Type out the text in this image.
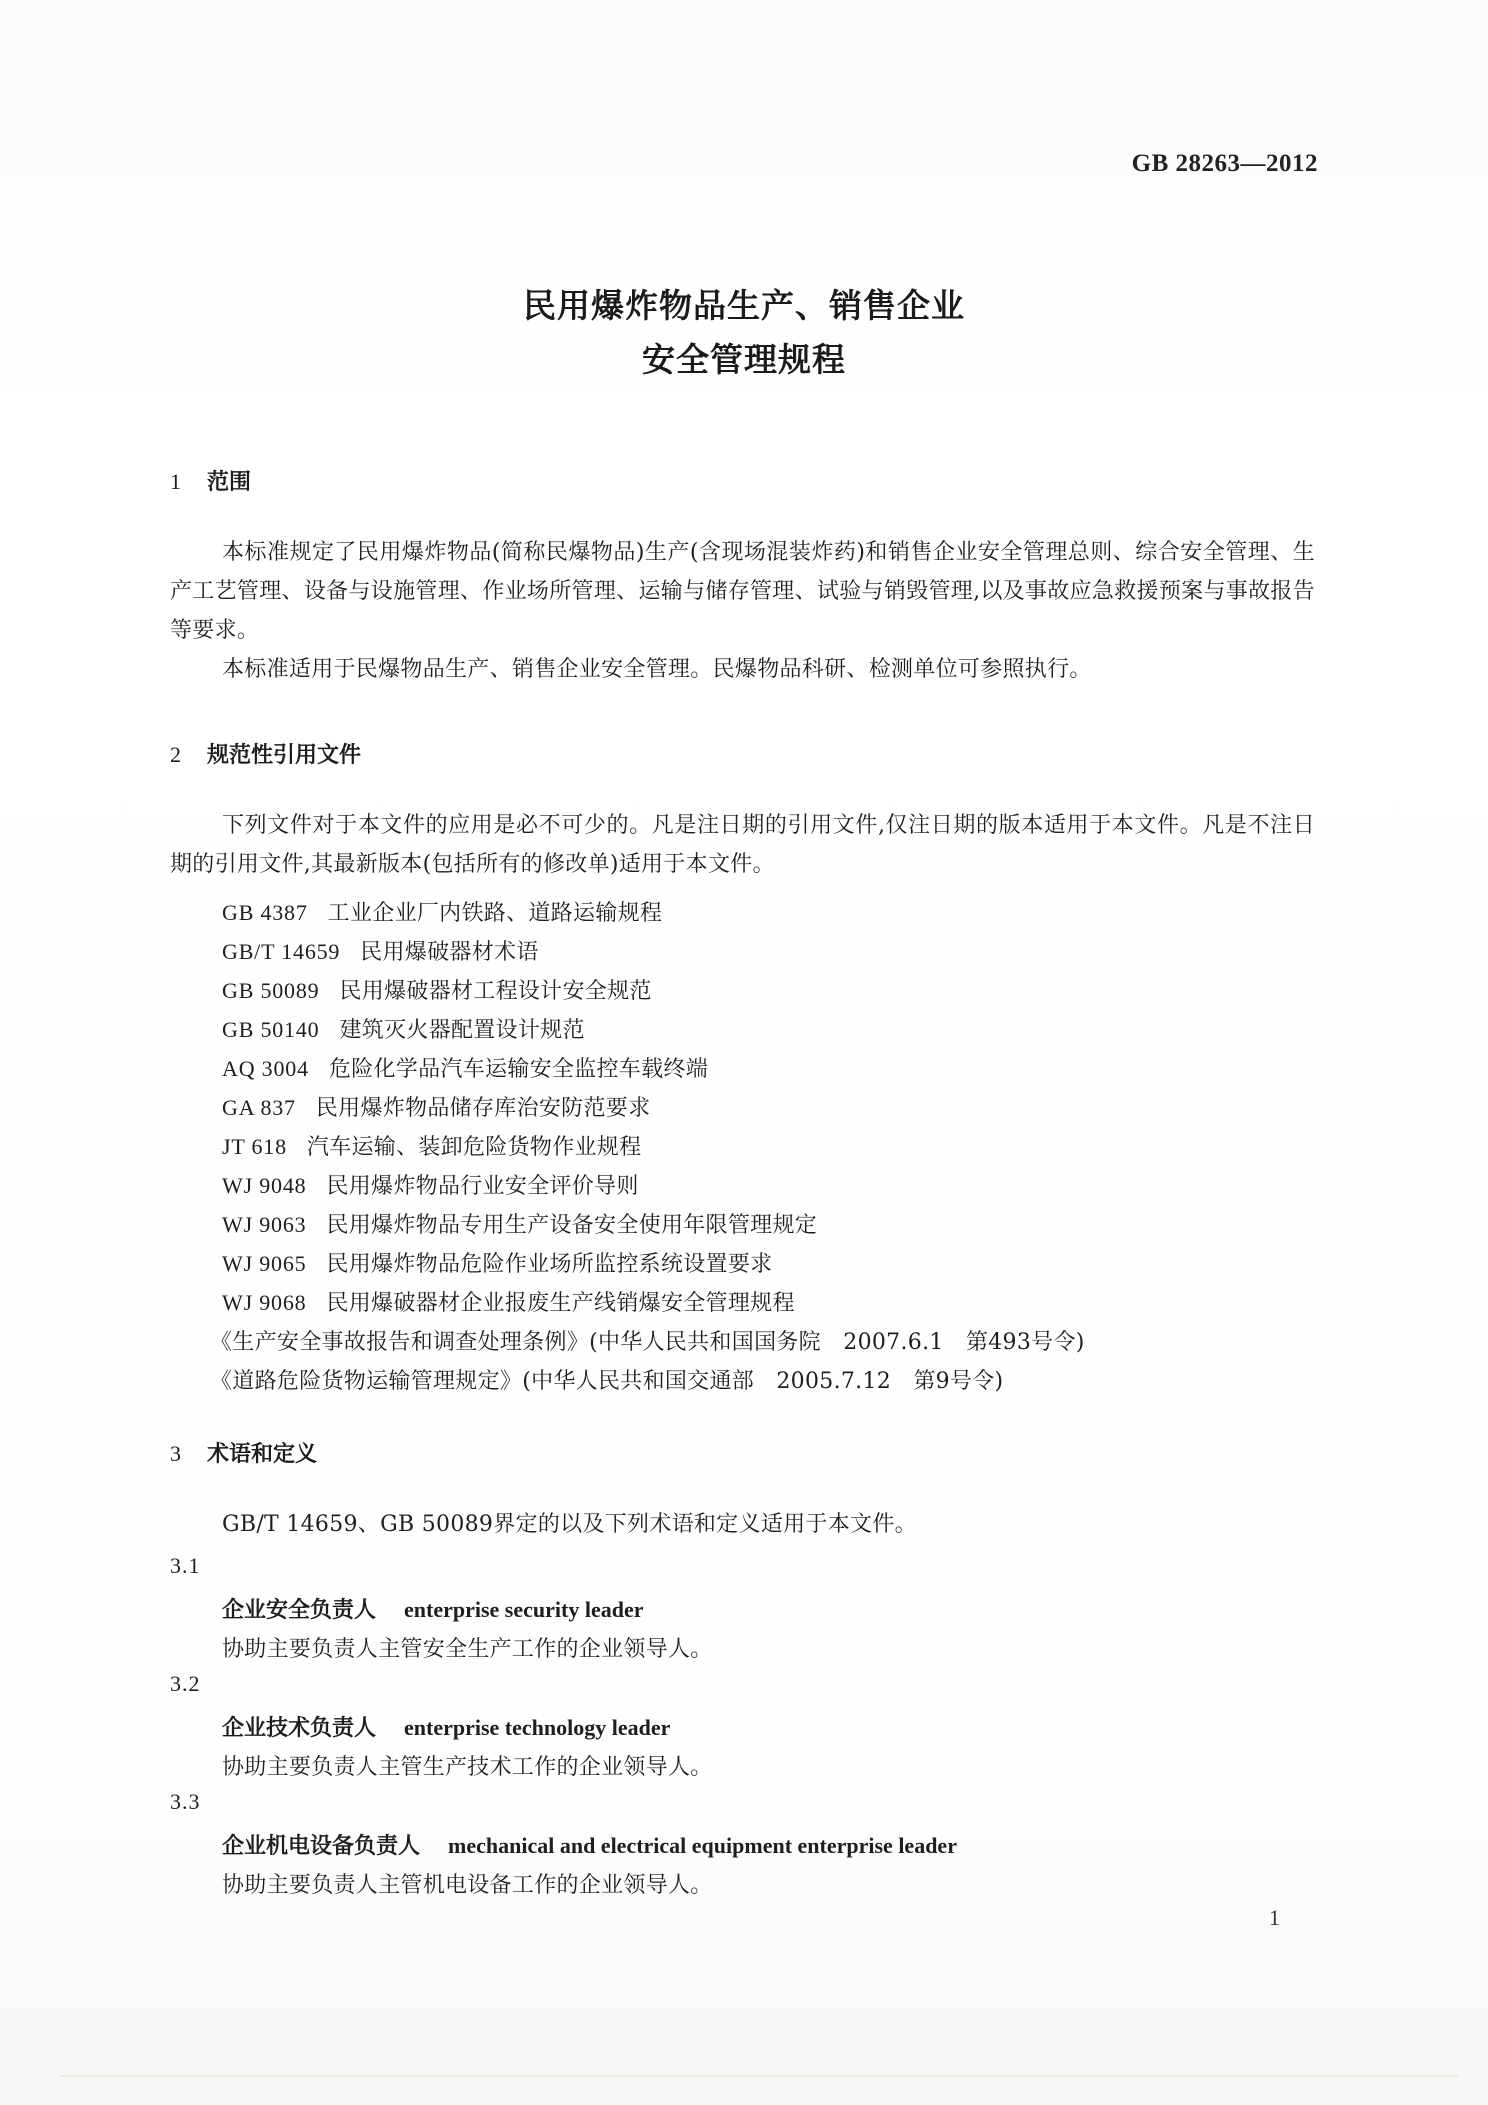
GB 28263—2012
民用爆炸物品生产、销售企业
安全管理规程
1 范围
本标准规定了民用爆炸物品(简称民爆物品)生产(含现场混装炸药)和销售企业安全管理总则、综合安全管理、生产工艺管理、设备与设施管理、作业场所管理、运输与储存管理、试验与销毁管理,以及事故应急救援预案与事故报告等要求。
本标准适用于民爆物品生产、销售企业安全管理。民爆物品科研、检测单位可参照执行。
2 规范性引用文件
下列文件对于本文件的应用是必不可少的。凡是注日期的引用文件,仅注日期的版本适用于本文件。凡是不注日期的引用文件,其最新版本(包括所有的修改单)适用于本文件。
GB 4387 工业企业厂内铁路、道路运输规程
GB/T 14659 民用爆破器材术语
GB 50089 民用爆破器材工程设计安全规范
GB 50140 建筑灭火器配置设计规范
AQ 3004 危险化学品汽车运输安全监控车载终端
GA 837 民用爆炸物品储存库治安防范要求
JT 618 汽车运输、装卸危险货物作业规程
WJ 9048 民用爆炸物品行业安全评价导则
WJ 9063 民用爆炸物品专用生产设备安全使用年限管理规定
WJ 9065 民用爆炸物品危险作业场所监控系统设置要求
WJ 9068 民用爆破器材企业报废生产线销爆安全管理规程
《生产安全事故报告和调查处理条例》(中华人民共和国国务院　2007.6.1　第493号令)
《道路危险货物运输管理规定》(中华人民共和国交通部　2005.7.12　第9号令)
3 术语和定义
GB/T 14659、GB 50089界定的以及下列术语和定义适用于本文件。
3.1
企业安全负责人 enterprise security leader
协助主要负责人主管安全生产工作的企业领导人。
3.2
企业技术负责人 enterprise technology leader
协助主要负责人主管生产技术工作的企业领导人。
3.3
企业机电设备负责人 mechanical and electrical equipment enterprise leader
协助主要负责人主管机电设备工作的企业领导人。
1
